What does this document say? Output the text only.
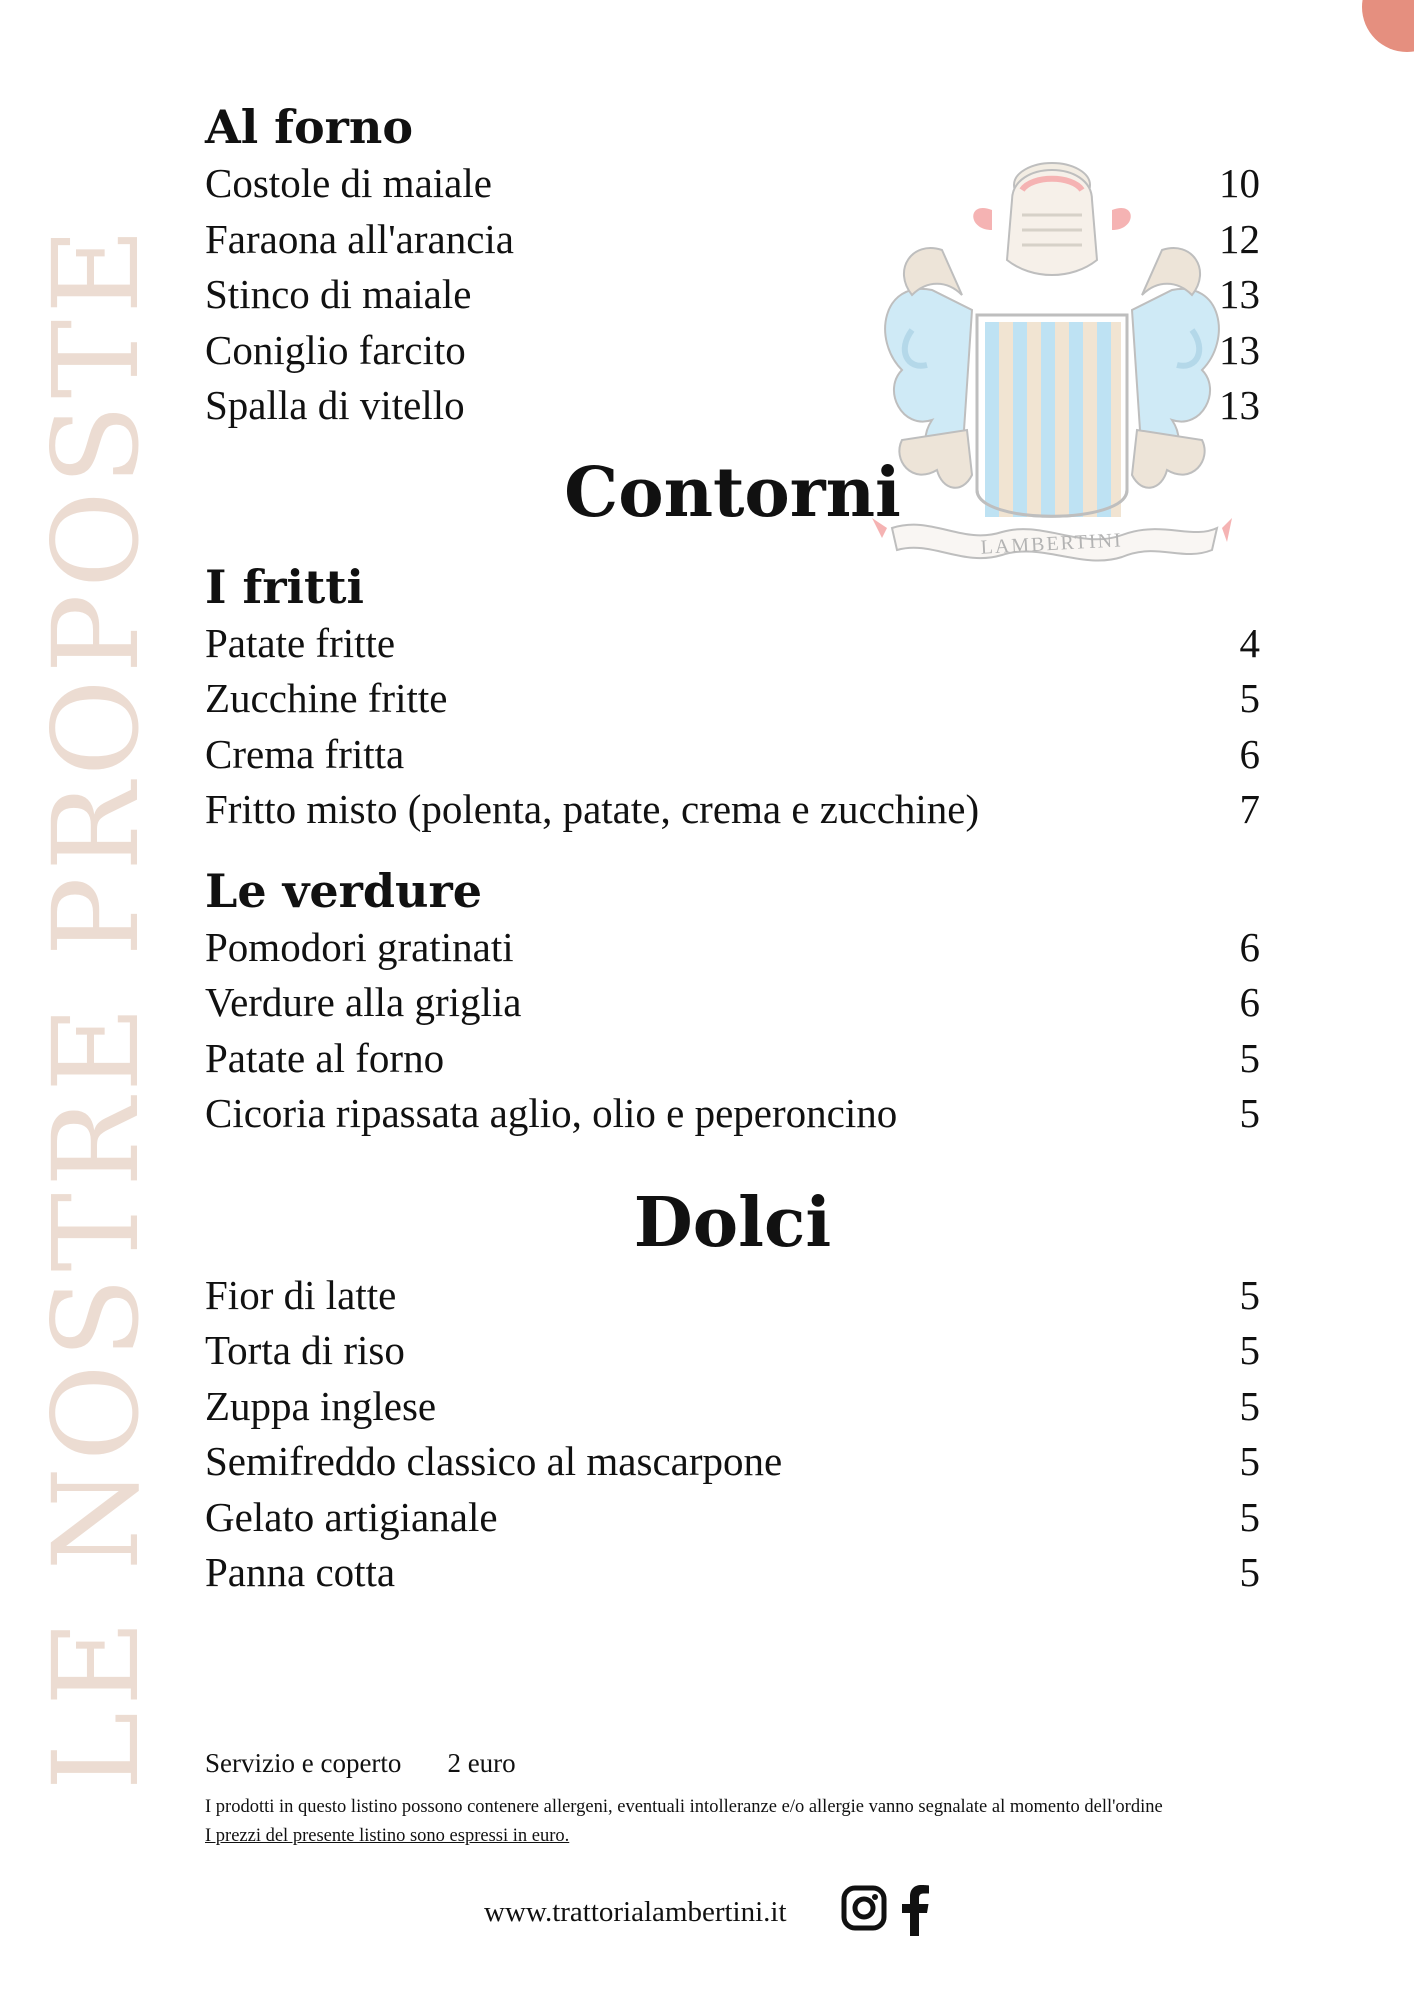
LE NOSTRE PROPOSTE	LAMBERTINI
Al forno
Costole di maiale	10
Faraona all'arancia	12
Stinco di maiale	13
Coniglio farcito	13
Spalla di vitello	13
Contorni
I fritti
Patate fritte	4
Zucchine fritte	5
Crema fritta	6
Fritto misto (polenta, patate, crema e zucchine)	7
Le verdure
Pomodori gratinati	6
Verdure alla griglia	6
Patate al forno	5
Cicoria ripassata aglio, olio e peperoncino	5
Dolci
Fior di latte	5
Torta di riso	5
Zuppa inglese	5
Semifreddo classico al mascarpone	5
Gelato artigianale	5
Panna cotta	5
Servizio e coperto 2 euro
I prodotti in questo listino possono contenere allergeni, eventuali intolleranze e/o allergie vanno segnalate al momento dell'ordine
I prezzi del presente listino sono espressi in euro.
www.trattorialambertini.it
